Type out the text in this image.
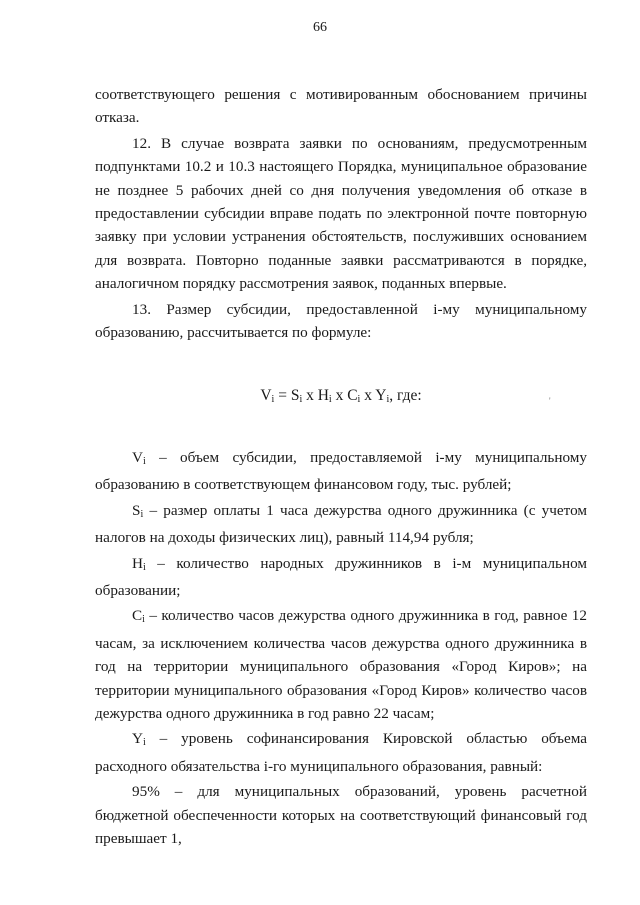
66

соответствующего решения с мотивированным обоснованием причины отказа.

12. В случае возврата заявки по основаниям, предусмотренным подпунктами 10.2 и 10.3 настоящего Порядка, муниципальное образование не позднее 5 рабочих дней со дня получения уведомления об отказе в предоставлении субсидии вправе подать по электронной почте повторную заявку при условии устранения обстоятельств, послуживших основанием для возврата. Повторно поданные заявки рассматриваются в порядке, аналогичном порядку рассмотрения заявок, поданных впервые.

13. Размер субсидии, предоставленной i-му муниципальному образованию, рассчитывается по формуле:

$V_i = S_i$ x $H_i$ x $C_i$ x $Y_i$, где:

$V_i$ – объем субсидии, предоставляемой i-му муниципальному образованию в соответствующем финансовом году, тыс. рублей;

$S_i$ – размер оплаты 1 часа дежурства одного дружинника (с учетом налогов на доходы физических лиц), равный 114,94 рубля;

$H_i$ – количество народных дружинников в i-м муниципальном образовании;

$C_i$ – количество часов дежурства одного дружинника в год, равное 12 часам, за исключением количества часов дежурства одного дружинника в год на территории муниципального образования «Город Киров»; на территории муниципального образования «Город Киров» количество часов дежурства одного дружинника в год равно 22 часам;

$Y_i$ – уровень софинансирования Кировской областью объема расходного обязательства i-го муниципального образования, равный:

95% – для муниципальных образований, уровень расчетной бюджетной обеспеченности которых на соответствующий финансовый год превышает 1,

'
